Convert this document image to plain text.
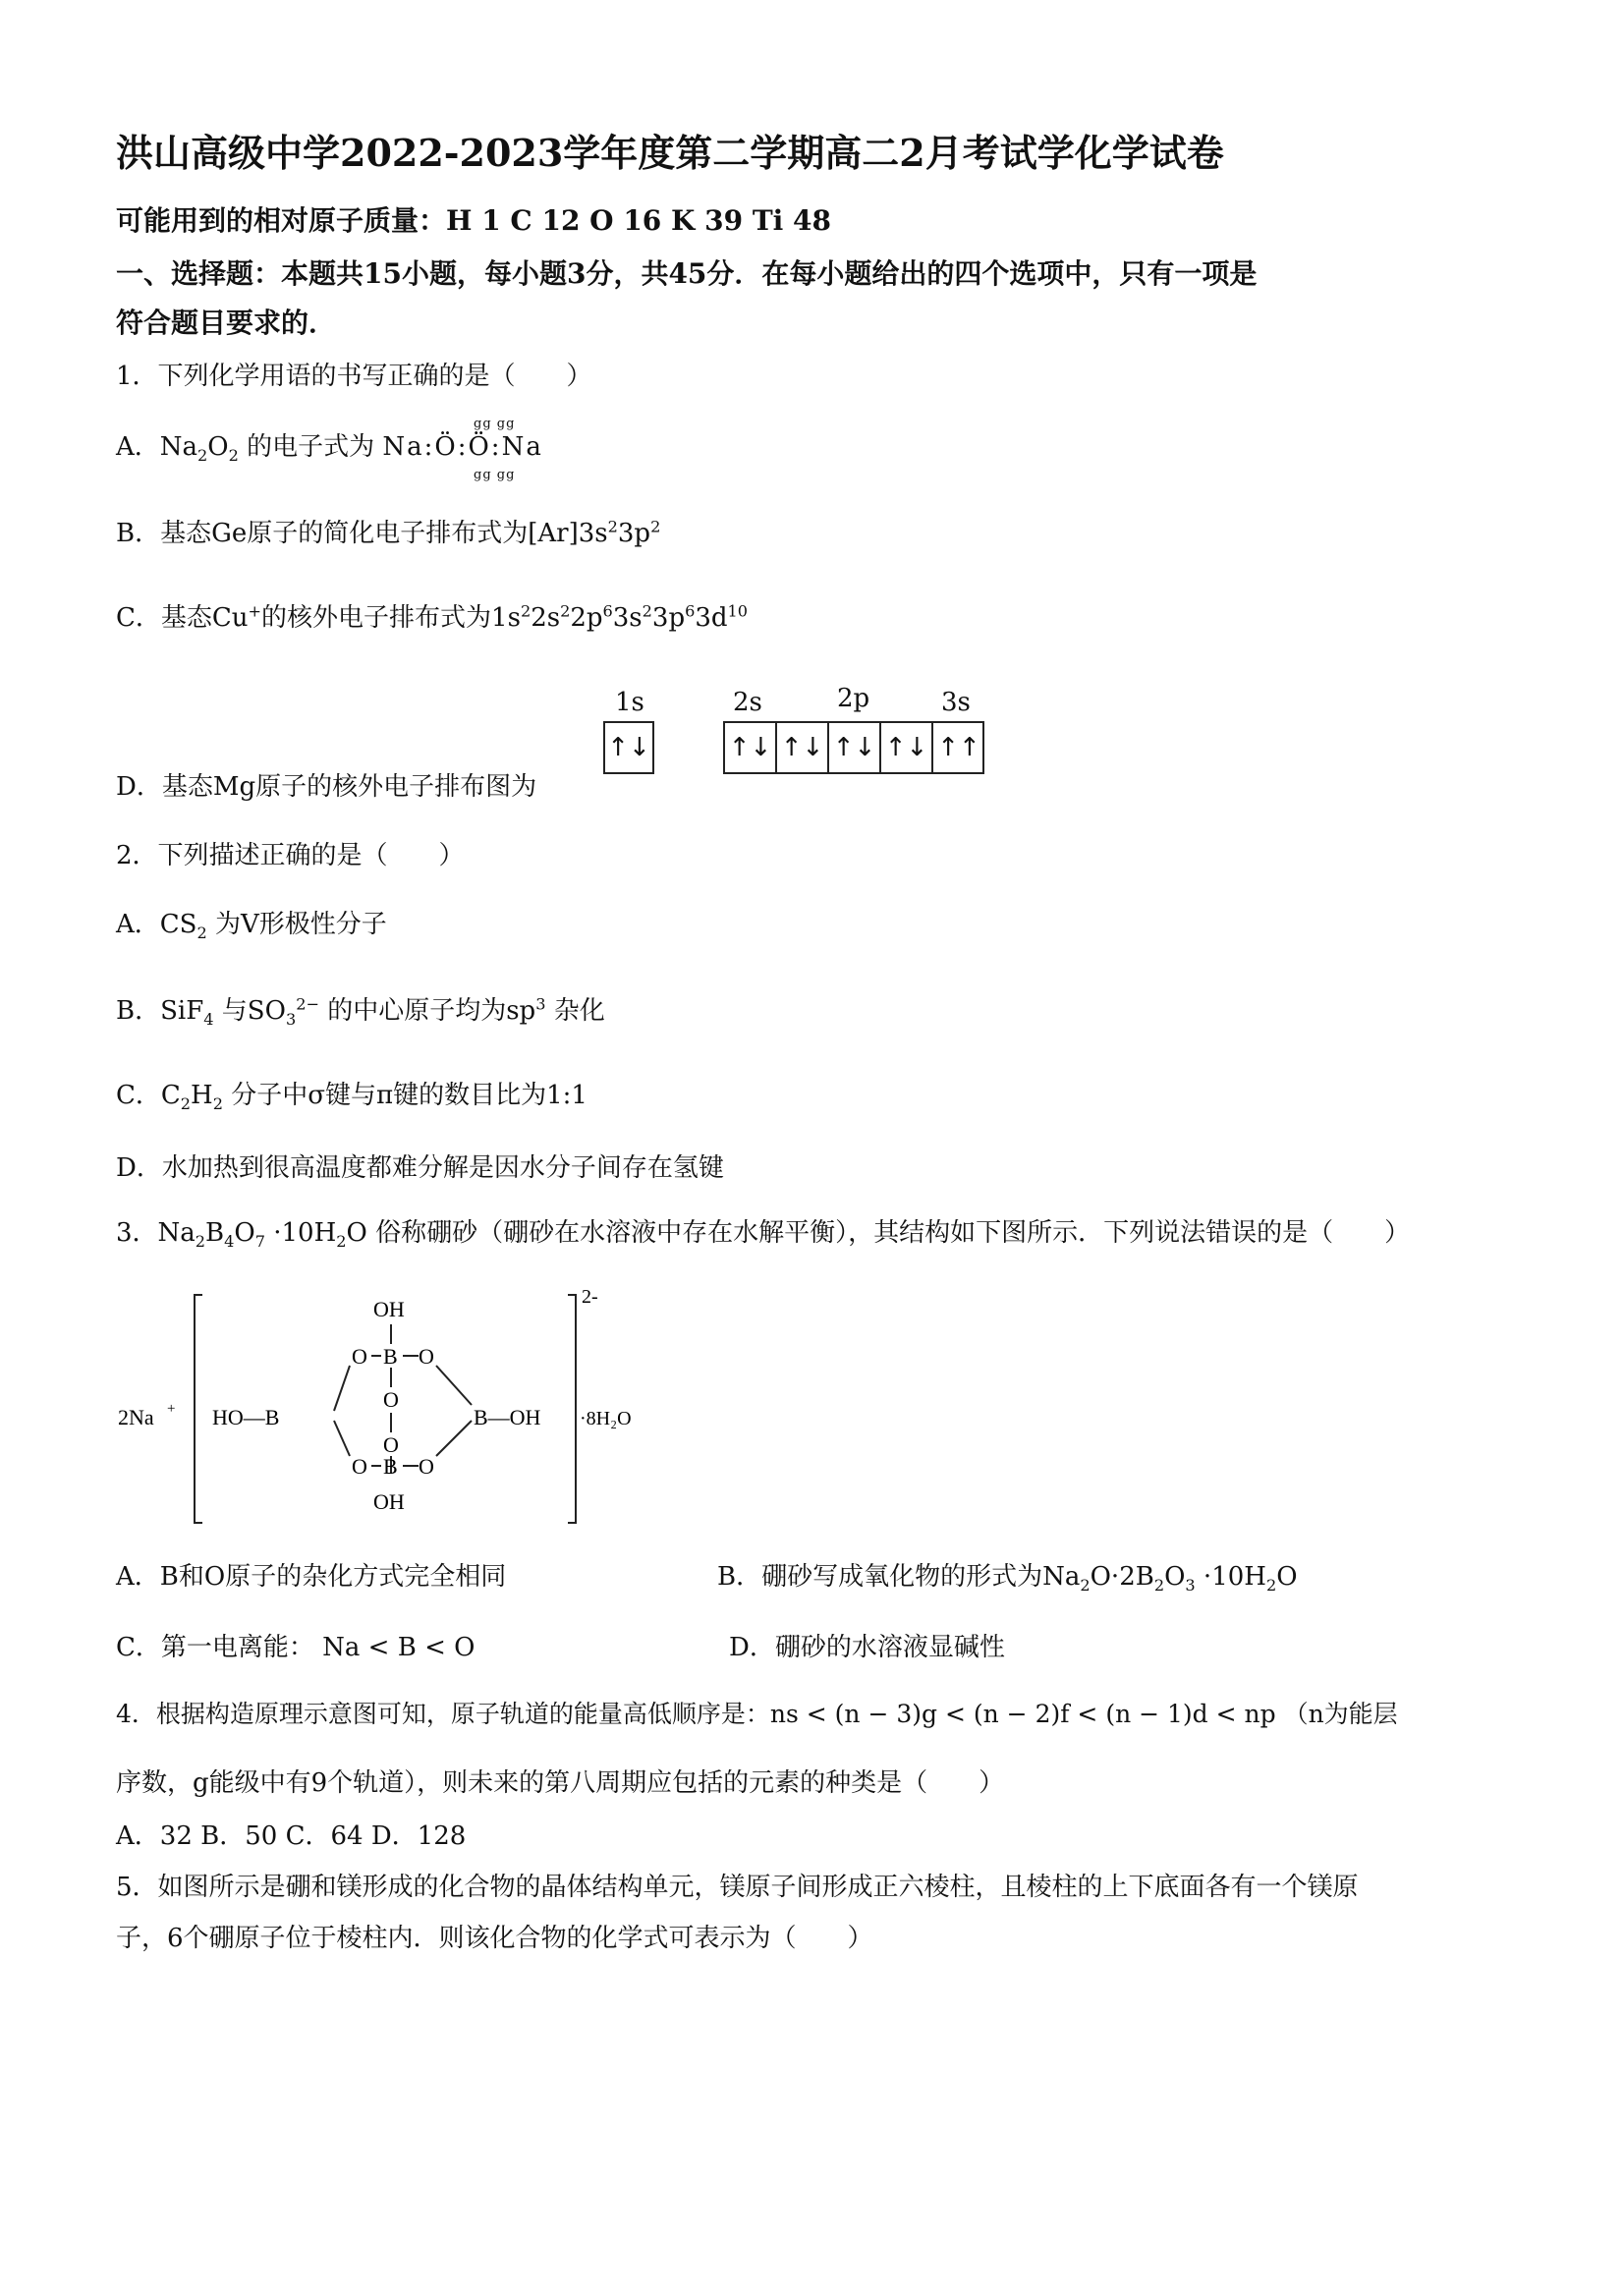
洪山高级中学2022-2023学年度第二学期高二2月考试学化学试卷
可能用到的相对原子质量：H 1 C 12 O 16 K 39 Ti 48
一、选择题：本题共15小题，每小题3分，共45分．在每小题给出的四个选项中，只有一项是
符合题目要求的．
1．下列化学用语的书写正确的是（　　）
A．$Na_2O_2$ 的电子式为 Na:Ö:Ö:Na
gg gg
gg gg
B．基态Ge原子的简化电子排布式为$[Ar]3s^23p^2$
C．基态Cu+的核外电子排布式为$1s^22s^22p^63s^23p^63d^{10}$
1s	2s	2p	3s
↑↓	↑↓ ↑↓ ↑↓ ↑↓ ↑↑
D．基态Mg原子的核外电子排布图为
2．下列描述正确的是（　　）
A．$CS_2$ 为V形极性分子
B．SiF$_4$ 与$SO_3^{2-}$ 的中心原子均为$sp^3$ 杂化
C．$C_2H_2$ 分子中σ键与π键的数目比为1:1
D．水加热到很高温度都难分解是因水分子间存在氢键
3．$Na_2B_4O_7 \cdot 10H_2O$ 俗称硼砂（硼砂在水溶液中存在水解平衡），其结构如下图所示．下列说法错误的是（　　）
OH
O B O
O
O
O B O
OH
HO—B	B—OH
2Na +
2-
·8H₂O
A．B和O原子的杂化方式完全相同	B．硼砂写成氧化物的形式为$Na_2O\cdot 2B_2O_3 \cdot 10H_2O$
C．第一电离能： Na < B < O	D．硼砂的水溶液显碱性
4．根据构造原理示意图可知，原子轨道的能量高低顺序是：ns < (n − 3)g < (n − 2)f < (n − 1)d < np （n为能层
序数，g能级中有9个轨道），则未来的第八周期应包括的元素的种类是（　　）
A．32 B．50 C．64 D．128
5．如图所示是硼和镁形成的化合物的晶体结构单元，镁原子间形成正六棱柱，且棱柱的上下底面各有一个镁原
子，6个硼原子位于棱柱内．则该化合物的化学式可表示为（　　）
